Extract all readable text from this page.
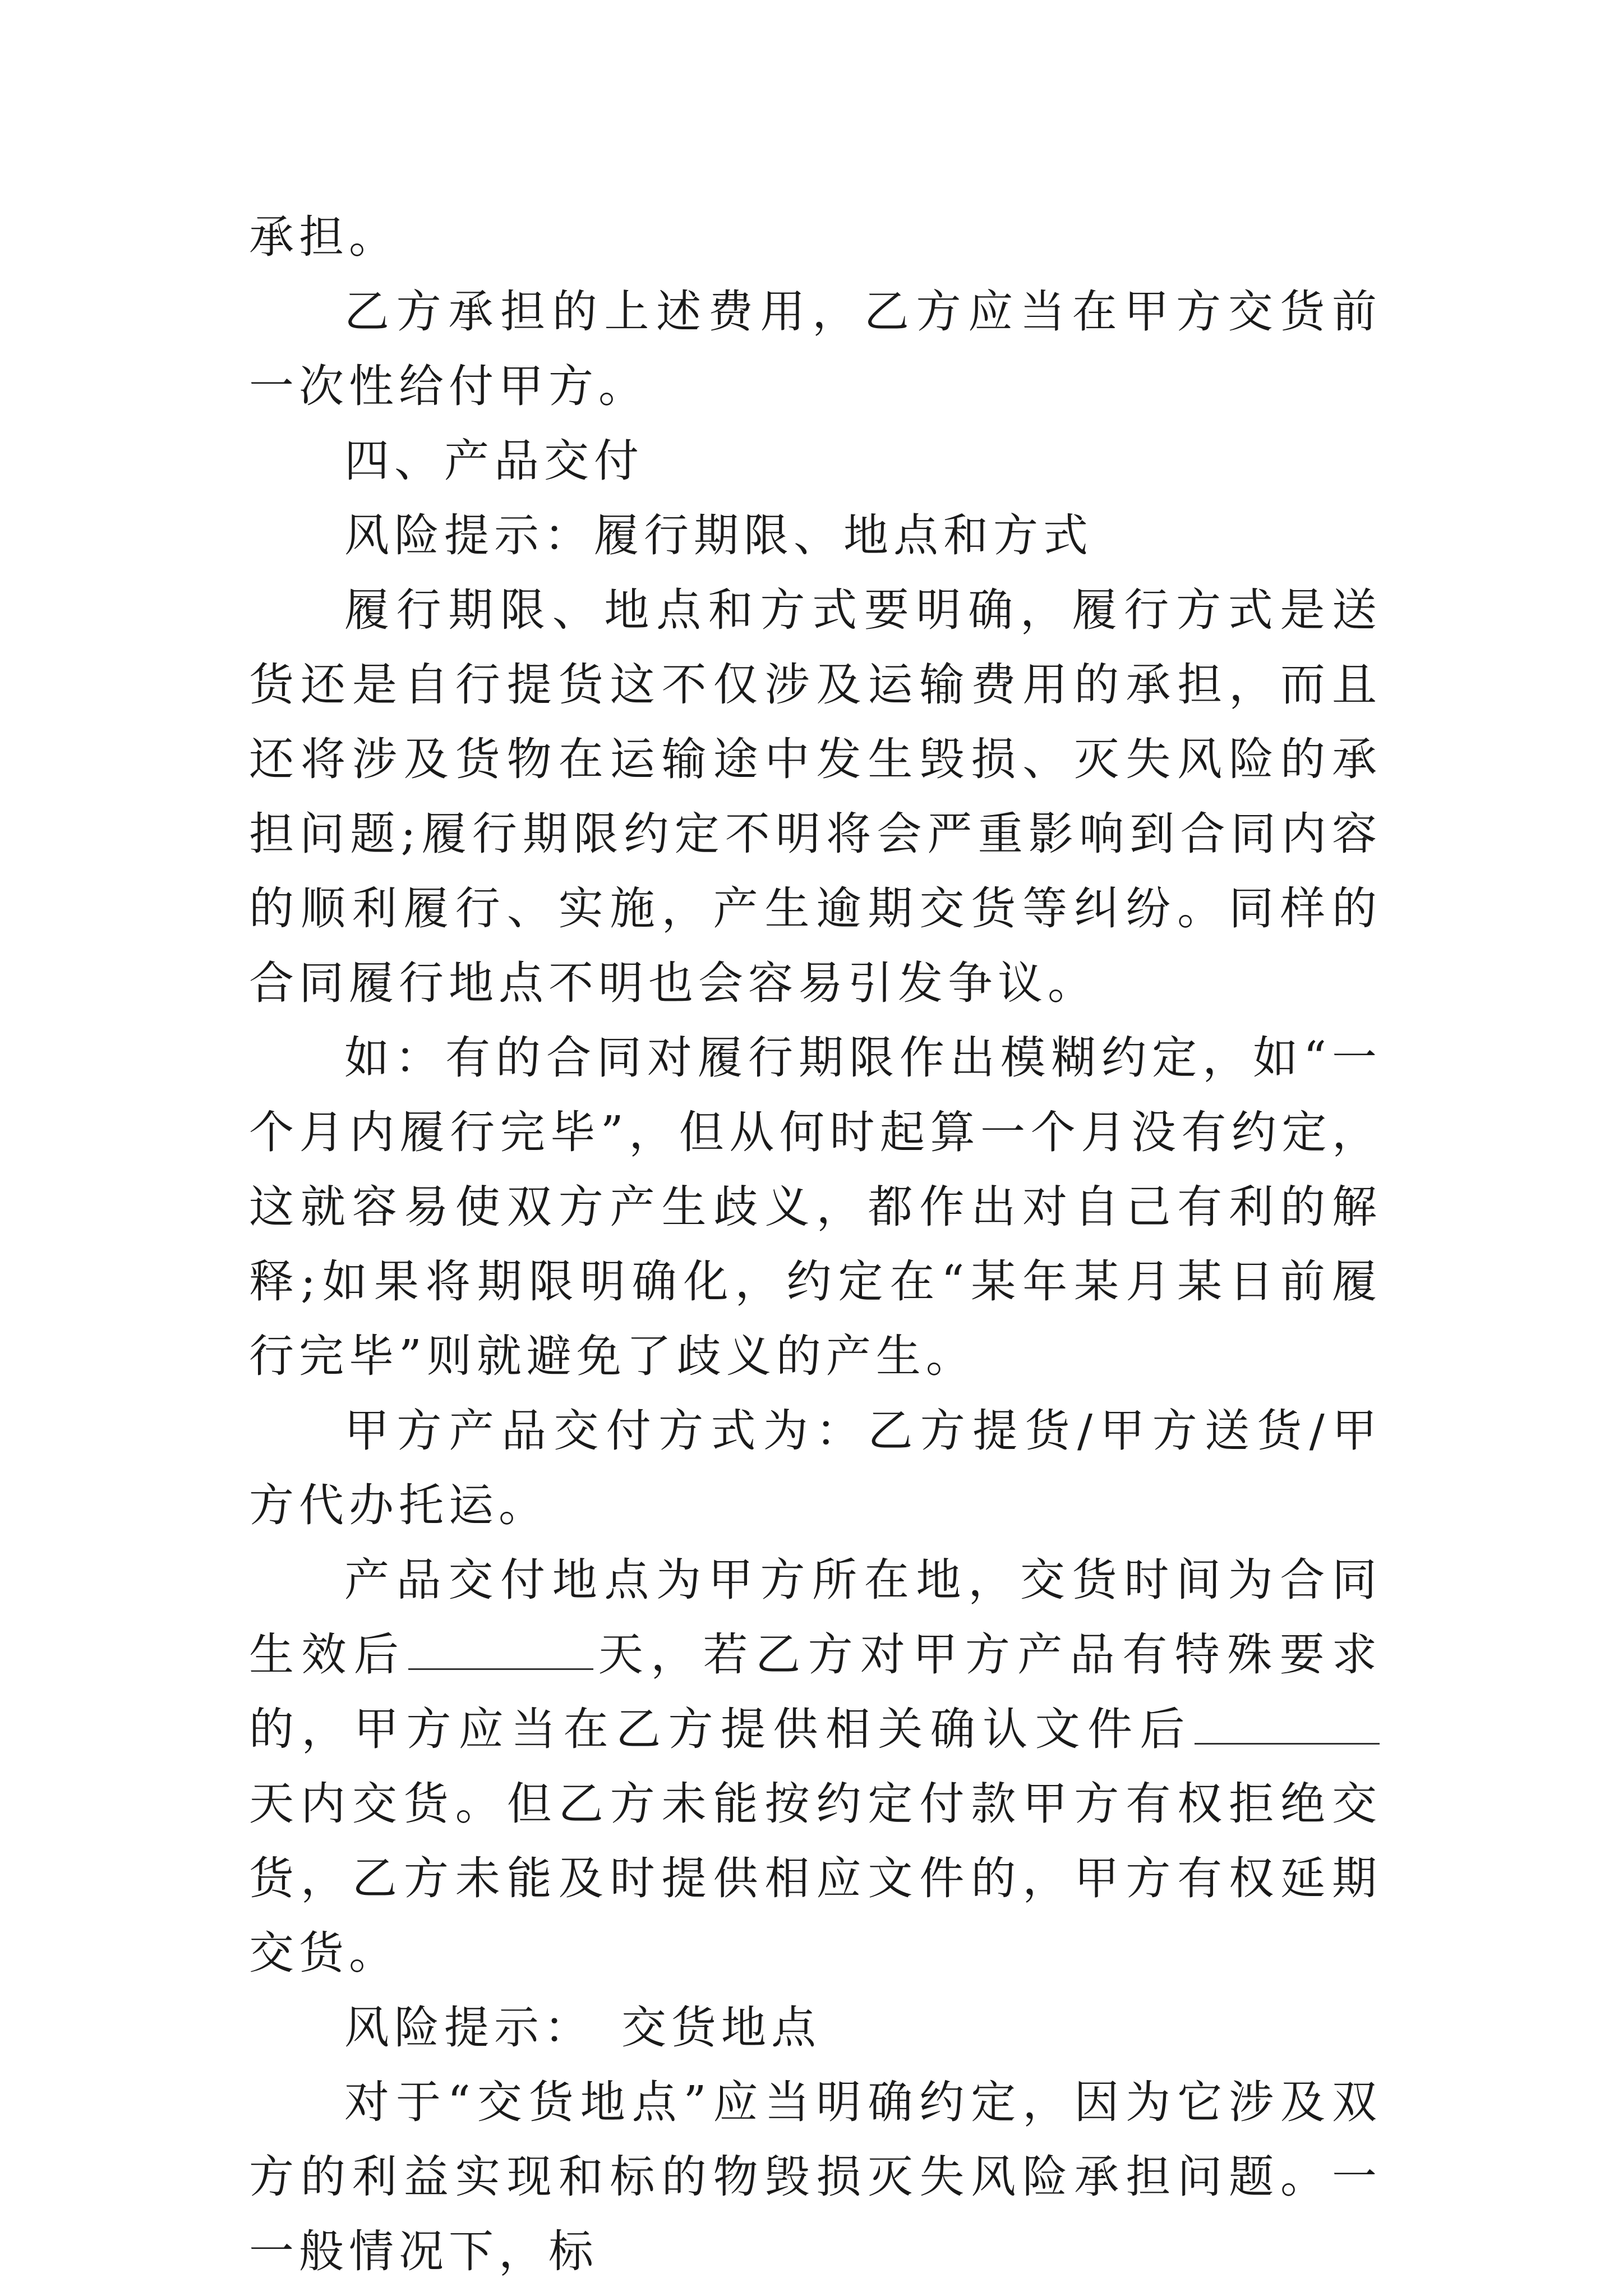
承担。

乙方承担的上述费用，乙方应当在甲方交货前一次性给付甲方。

四、产品交付

风险提示：履行期限、地点和方式

履行期限、地点和方式要明确，履行方式是送货还是自行提货这不仅涉及运输费用的承担，而且还将涉及货物在运输途中发生毁损、灭失风险的承担问题;履行期限约定不明将会严重影响到合同内容的顺利履行、实施，产生逾期交货等纠纷。同样的合同履行地点不明也会容易引发争议。

如：有的合同对履行期限作出模糊约定，如“一个月内履行完毕”，但从何时起算一个月没有约定，这就容易使双方产生歧义，都作出对自己有利的解释;如果将期限明确化，约定在“某年某月某日前履行完毕”则就避免了歧义的产生。

甲方产品交付方式为：乙方提货/甲方送货/甲方代办托运。

产品交付地点为甲方所在地，交货时间为合同生效后	天，若乙方对甲方产品有特殊要求的，甲方应当在乙方提供相关确认文件后天内交货。但乙方未能按约定付款甲方有权拒绝交货，乙方未能及时提供相应文件的，甲方有权延期交货。

风险提示：　交货地点

对于“交货地点”应当明确约定，因为它涉及双方的利益实现和标的物毁损灭失风险承担问题。一一般情况下，标
